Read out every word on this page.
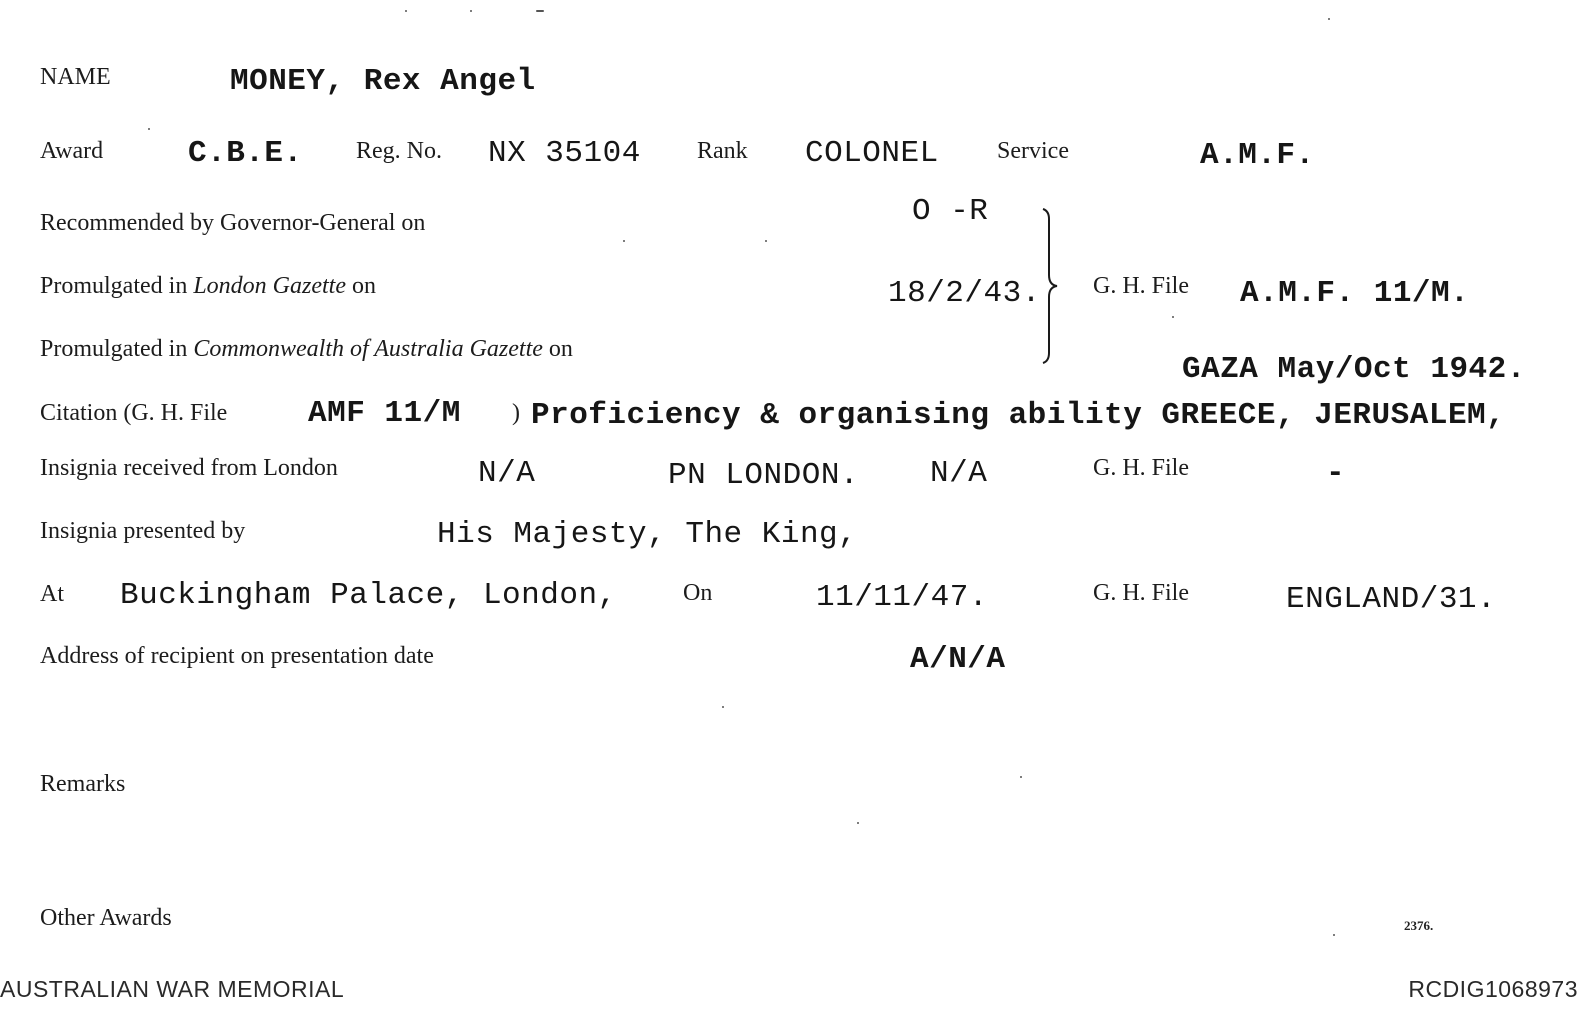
NAME	MONEY, Rex Angel
Award	C.B.E. Reg. No. NX 35104 Rank COLONEL Service	A.M.F.
Recommended by Governor-General on	O -R
Promulgated in London Gazette on	18/2/43. G. H. File A.M.F. 11/M.
Promulgated in Commonwealth of Australia Gazette on
GAZA May/Oct 1942.
Citation (G. H. File	AMF 11/M ) Proficiency & organising ability GREECE, JERUSALEM,
Insignia received from London	N/A	PN LONDON. N/A	G. H. File	-
Insignia presented by	His Majesty, The King,
At Buckingham Palace, London,	On	11/11/47.	G. H. File	ENGLAND/31.
Address of recipient on presentation date	A/N/A
Remarks
Other Awards	2376.
AUSTRALIAN WAR MEMORIAL	RCDIG1068973
